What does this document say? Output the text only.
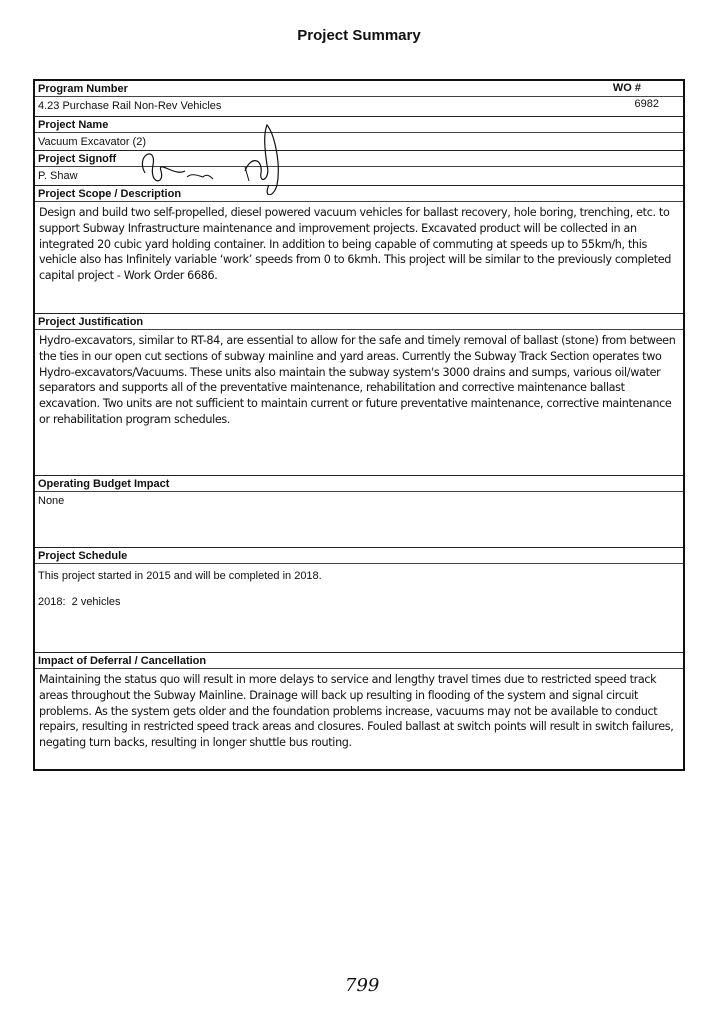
Project Summary
Program Number
4.23 Purchase Rail Non-Rev Vehicles
WO #
6982
Project Name
Vacuum Excavator (2)
Project Signoff
P. Shaw
Project Scope / Description
Design and build two self-propelled, diesel powered vacuum vehicles for ballast recovery, hole boring, trenching, etc. to support Subway Infrastructure maintenance and improvement projects. Excavated product will be collected in an integrated 20 cubic yard holding container. In addition to being capable of commuting at speeds up to 55km/h, this vehicle also has Infinitely variable ‘work’ speeds from 0 to 6kmh. This project will be similar to the previously completed capital project - Work Order 6686.
Project Justification
Hydro-excavators, similar to RT-84, are essential to allow for the safe and timely removal of ballast (stone) from between the ties in our open cut sections of subway mainline and yard areas. Currently the Subway Track Section operates two Hydro-excavators/Vacuums. These units also maintain the subway system's 3000 drains and sumps, various oil/water separators and supports all of the preventative maintenance, rehabilitation and corrective maintenance ballast excavation. Two units are not sufficient to maintain current or future preventative maintenance, corrective maintenance or rehabilitation program schedules.
Operating Budget Impact
None
Project Schedule
This project started in 2015 and will be completed in 2018.
2018:  2 vehicles
Impact of Deferral / Cancellation
Maintaining the status quo will result in more delays to service and lengthy travel times due to restricted speed track areas throughout the Subway Mainline. Drainage will back up resulting in flooding of the system and signal circuit problems. As the system gets older and the foundation problems increase, vacuums may not be available to conduct repairs, resulting in restricted speed track areas and closures. Fouled ballast at switch points will result in switch failures, negating turn backs, resulting in longer shuttle bus routing.
799
